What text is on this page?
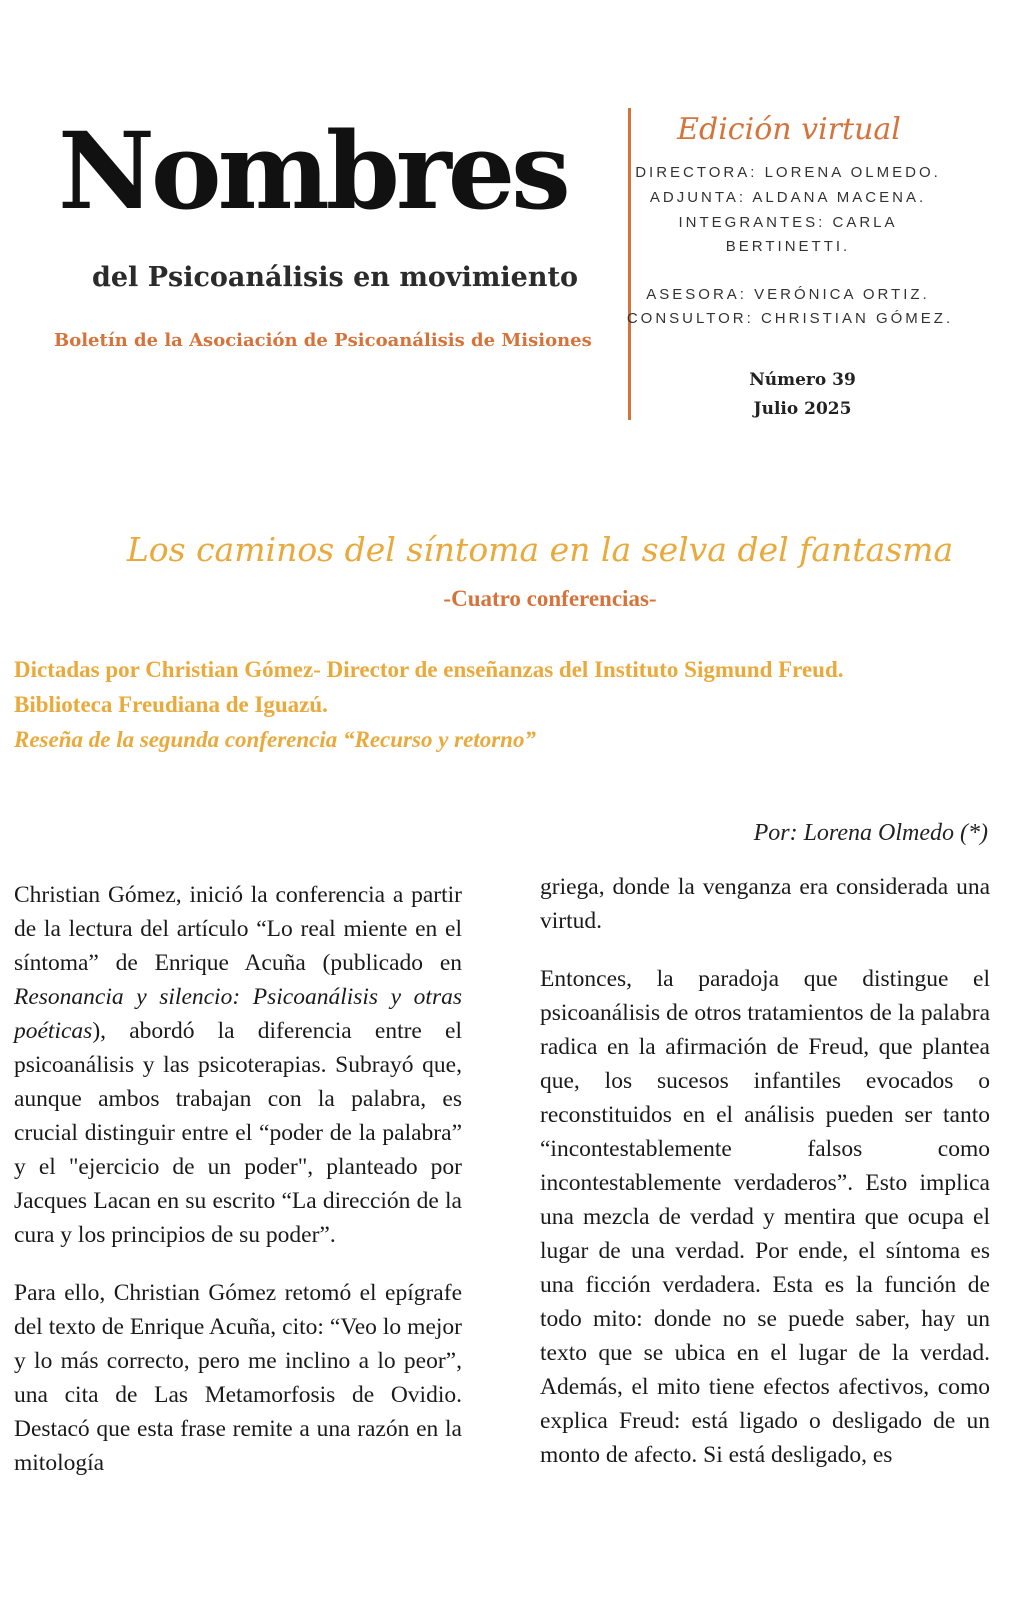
Nombres
del Psicoanálisis en movimiento
Boletín de la Asociación de Psicoanálisis de Misiones
Edición virtual
DIRECTORA: LORENA OLMEDO.
ADJUNTA: ALDANA MACENA.
INTEGRANTES: CARLA
BERTINETTI.
ASESORA: VERÓNICA ORTIZ.
CONSULTOR: CHRISTIAN GÓMEZ.
Número 39
Julio 2025
Los caminos del síntoma en la selva del fantasma
-Cuatro conferencias-
Dictadas por Christian Gómez- Director de enseñanzas del Instituto Sigmund Freud.
Biblioteca Freudiana de Iguazú.
Reseña de la segunda conferencia “Recurso y retorno”
Por: Lorena Olmedo (*)

Christian Gómez, inició la conferencia a partir de la lectura del artículo “Lo real miente en el síntoma” de Enrique Acuña (publicado en Resonancia y silencio: Psicoanálisis y otras poéticas), abordó la diferencia entre el psicoanálisis y las psicoterapias. Subrayó que, aunque ambos trabajan con la palabra, es crucial distinguir entre el “poder de la palabra” y el "ejercicio de un poder", planteado por Jacques Lacan en su escrito “La dirección de la cura y los principios de su poder”.

Para ello, Christian Gómez retomó el epígrafe del texto de Enrique Acuña, cito: “Veo lo mejor y lo más correcto, pero me inclino a lo peor”, una cita de Las Metamorfosis de Ovidio. Destacó que esta frase remite a una razón en la mitología

griega, donde la venganza era considerada una virtud.

Entonces, la paradoja que distingue el psicoanálisis de otros tratamientos de la palabra radica en la afirmación de Freud, que plantea que, los sucesos infantiles evocados o reconstituidos en el análisis pueden ser tanto “incontestablemente falsos como incontestablemente verdaderos”. Esto implica una mezcla de verdad y mentira que ocupa el lugar de una verdad. Por ende, el síntoma es una ficción verdadera. Esta es la función de todo mito: donde no se puede saber, hay un texto que se ubica en el lugar de la verdad. Además, el mito tiene efectos afectivos, como explica Freud: está ligado o desligado de un monto de afecto. Si está desligado, es
